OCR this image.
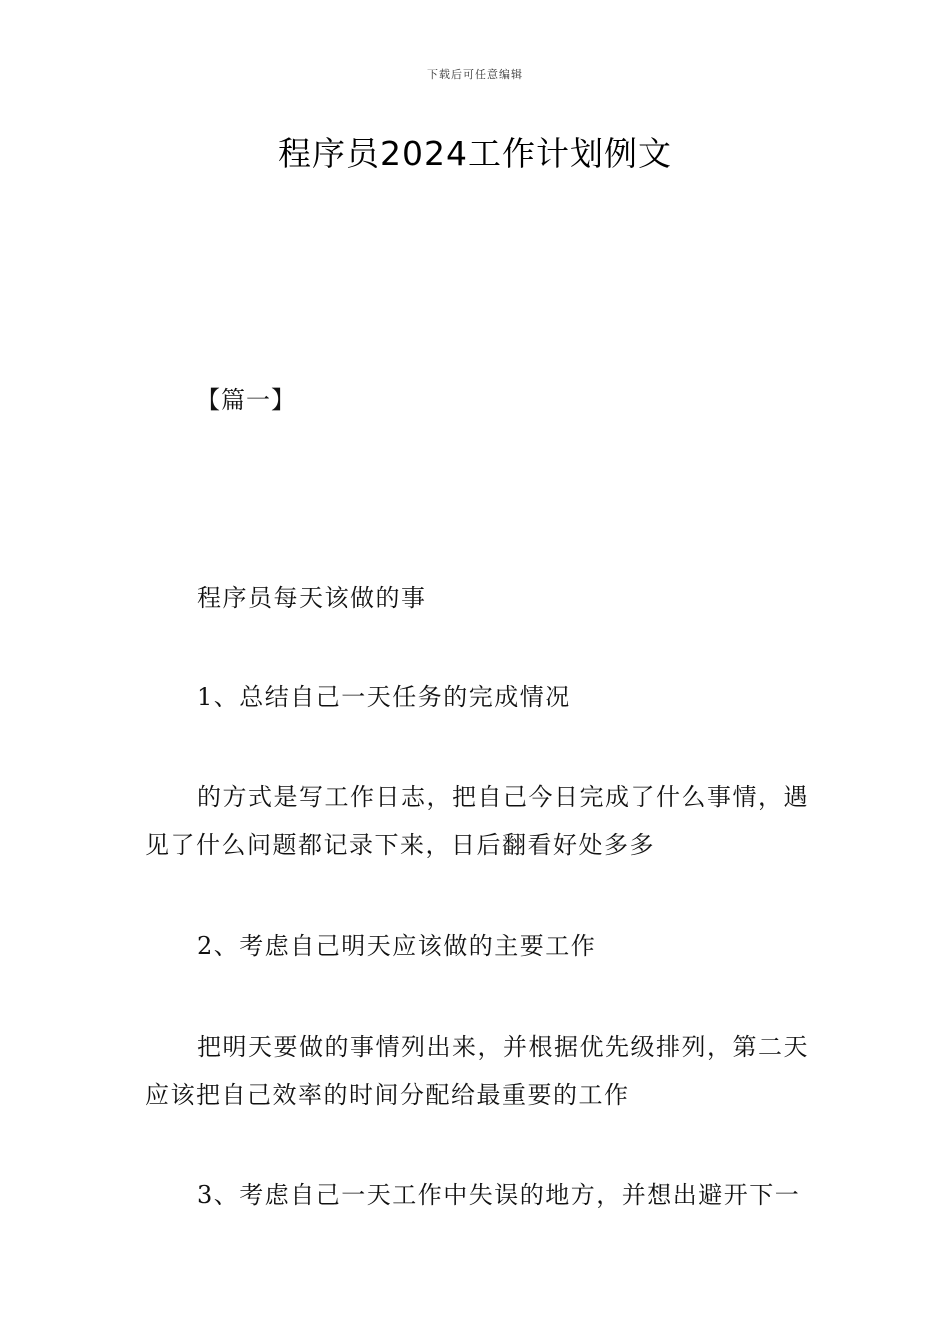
下载后可任意编辑
程序员2024工作计划例文

【篇一】

程序员每天该做的事

1、总结自己一天任务的完成情况

的方式是写工作日志，把自己今日完成了什么事情，遇见了什么问题都记录下来，日后翻看好处多多

2、考虑自己明天应该做的主要工作

把明天要做的事情列出来，并根据优先级排列，第二天应该把自己效率的时间分配给最重要的工作

3、考虑自己一天工作中失误的地方，并想出避开下一
